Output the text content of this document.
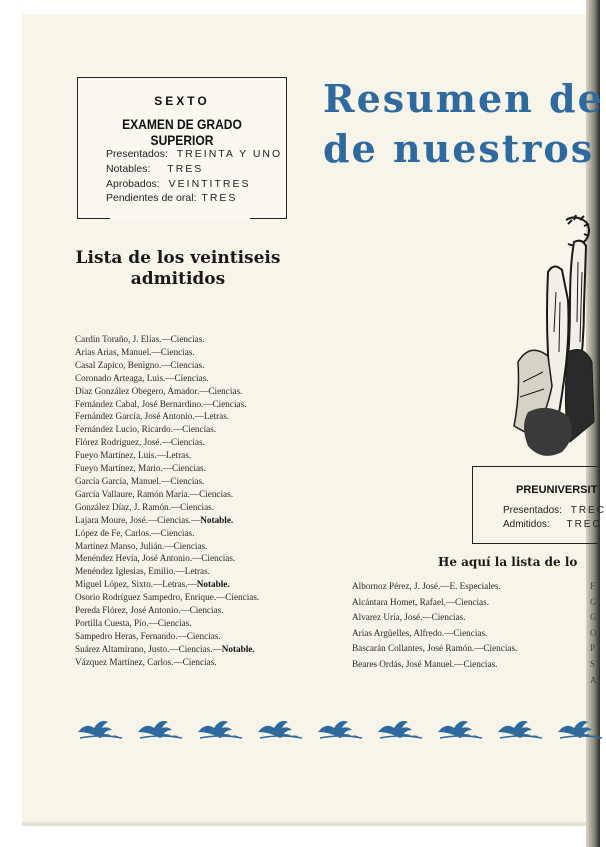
SEXTO
EXAMEN DE GRADO SUPERIOR
Presentados: TREINTA Y UNO
Notables: TRES
Aprobados: VEINTITRES
Pendientes de oral: TRES
Lista de los veintiseis admitidos
Cardín Toraño, J. Elías.—Ciencias.
Arias Arias, Manuel.—Ciencias.
Casal Zapico, Benigno.—Ciencias.
Coronado Arteaga, Luis.—Ciencias.
Díaz González Obegero, Amador.—Ciencias.
Fernández Cabal, José Bernardino.—Ciencias.
Fernández García, José Antonio.—Letras.
Fernández Lucio, Ricardo.—Ciencias.
Flórez Rodríguez, José.—Ciencias.
Fueyo Martínez, Luis.—Letras.
Fueyo Martínez, Mario.—Ciencias.
García García, Manuel.—Ciencias.
García Vallaure, Ramón María.—Ciencias.
González Díaz, J. Ramón.—Ciencias.
Lajara Moure, José.—Ciencias.—Notable.
López de Fe, Carlos.—Ciencias.
Martínez Manso, Julián.—Ciencias.
Menéndez Hevia, José Antonio.—Ciencias.
Menéndez Iglesias, Emilio.—Letras.
Miguel López, Sixto.—Letras.—Notable.
Osorio Rodríguez Sampedro, Enrique.—Ciencias.
Pereda Flórez, José Antonio.—Ciencias.
Portilla Cuesta, Pío.—Ciencias.
Sampedro Heras, Fernando.—Ciencias.
Suárez Altamirano, Justo.—Ciencias.—Notable.
Vázquez Martínez, Carlos.—Ciencias.
Resumen de
de nuestros
PREUNIVERSIT
Presentados: TREC
Admitidos: TREC
He aquí la lista de lo
Albornoz Pérez, J. José.—E. Especiales.
Alcántara Homet, Rafael.—Ciencias.
Alvarez Uría, José.—Ciencias.
Arias Argüelles, Alfredo.—Ciencias.
Bascarán Collantes, José Ramón.—Ciencias.
Beares Ordás, José Manuel.—Ciencias.
F
G
G
O
P
S
A
